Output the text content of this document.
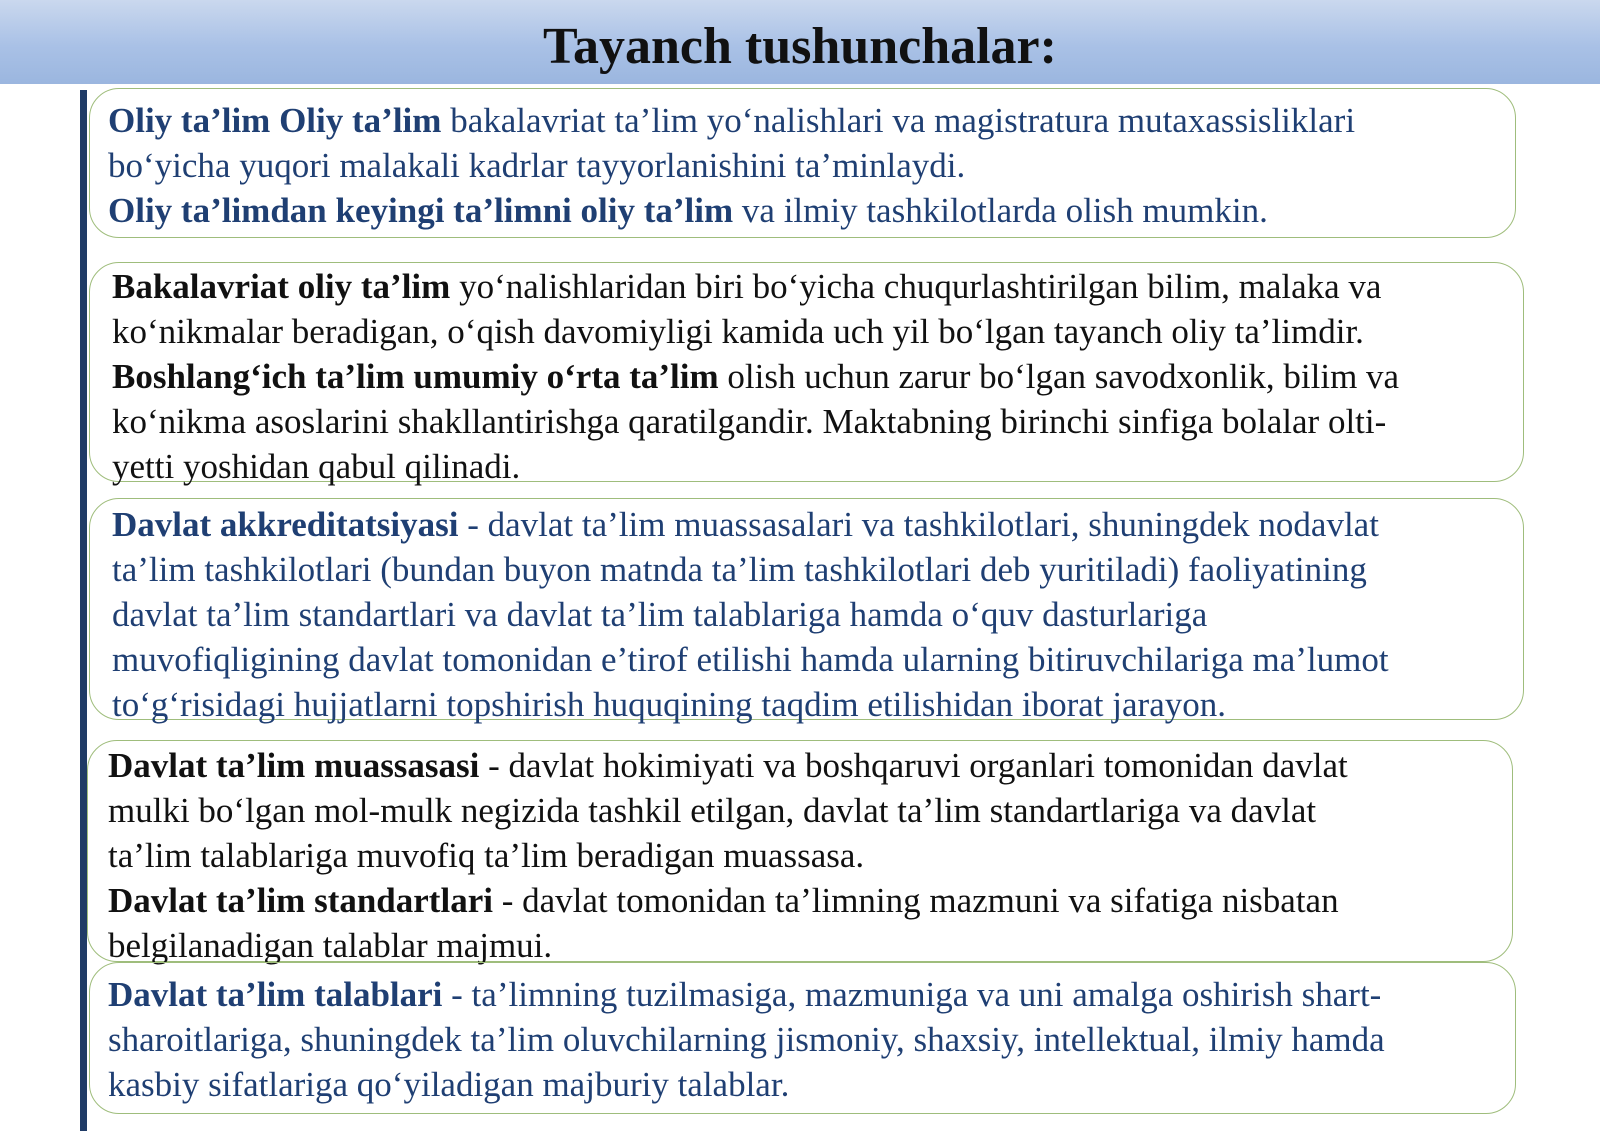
Tayanch tushunchalar:
Oliy ta’lim Oliy ta’lim bakalavriat ta’lim yo‘nalishlari va magistratura mutaxassisliklari
bo‘yicha yuqori malakali kadrlar tayyorlanishini ta’minlaydi.
Oliy ta’limdan keyingi ta’limni oliy ta’lim va ilmiy tashkilotlarda olish mumkin.
Bakalavriat oliy ta’lim yo‘nalishlaridan biri bo‘yicha chuqurlashtirilgan bilim, malaka va
ko‘nikmalar beradigan, o‘qish davomiyligi kamida uch yil bo‘lgan tayanch oliy ta’limdir.
Boshlang‘ich ta’lim umumiy o‘rta ta’lim olish uchun zarur bo‘lgan savodxonlik, bilim va
ko‘nikma asoslarini shakllantirishga qaratilgandir. Maktabning birinchi sinfiga bolalar olti-
yetti yoshidan qabul qilinadi.
Davlat akkreditatsiyasi - davlat ta’lim muassasalari va tashkilotlari, shuningdek nodavlat
ta’lim tashkilotlari (bundan buyon matnda ta’lim tashkilotlari deb yuritiladi) faoliyatining
davlat ta’lim standartlari va davlat ta’lim talablariga hamda o‘quv dasturlariga
muvofiqligining davlat tomonidan e’tirof etilishi hamda ularning bitiruvchilariga ma’lumot
to‘g‘risidagi hujjatlarni topshirish huquqining taqdim etilishidan iborat jarayon.
Davlat ta’lim muassasasi - davlat hokimiyati va boshqaruvi organlari tomonidan davlat
mulki bo‘lgan mol-mulk negizida tashkil etilgan, davlat ta’lim standartlariga va davlat
ta’lim talablariga muvofiq ta’lim beradigan muassasa.
Davlat ta’lim standartlari - davlat tomonidan ta’limning mazmuni va sifatiga nisbatan
belgilanadigan talablar majmui.
Davlat ta’lim talablari - ta’limning tuzilmasiga, mazmuniga va uni amalga oshirish shart-
sharoitlariga, shuningdek ta’lim oluvchilarning jismoniy, shaxsiy, intellektual, ilmiy hamda
kasbiy sifatlariga qo‘yiladigan majburiy talablar.
